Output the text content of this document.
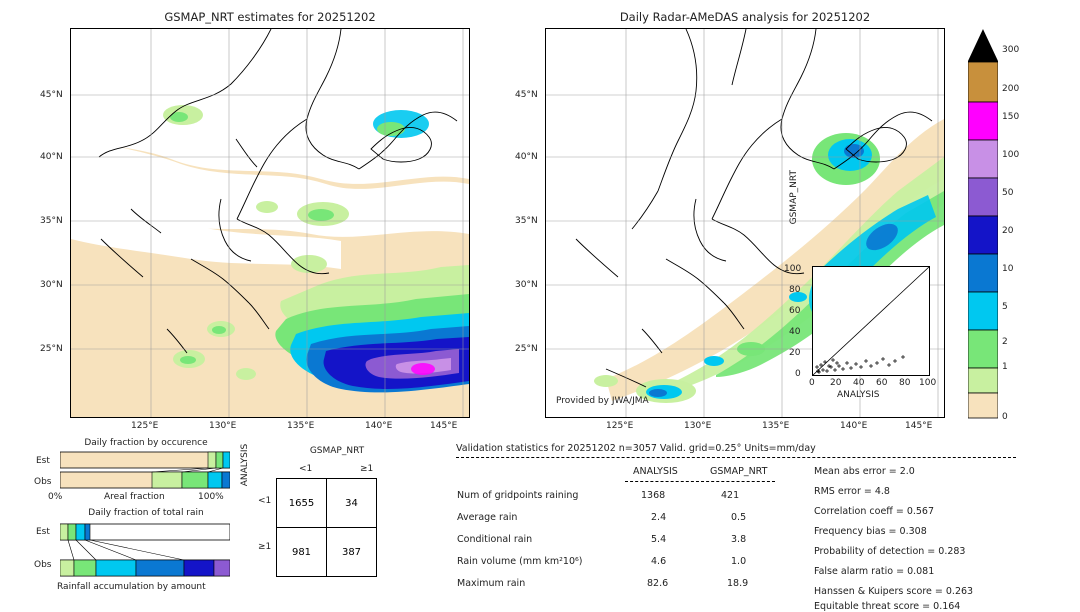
GSMAP_NRT estimates for 20251202
45°N
40°N
35°N
30°N
25°N
125°E	130°E	135°E	140°E	145°E
Daily Radar-AMeDAS analysis for 20251202
45°N
40°N
35°N
30°N
25°N
125°E	130°E	135°E	140°E	145°E
Provided by JWA/JMA
GSMAP_NRT
ANALYSIS
0
20
40
60
80
100
0 20 40 60 80 100
300
200
150
100
50
20
10
5
2
1
0
Daily fraction by occurence
Est
Obs
Areal fraction
0%	100%
Daily fraction of total rain
Est
Obs
Rainfall accumulation by amount
GSMAP_NRT
<1	≥1
ANALYSIS
<1
≥1
1655	34
981	387
Validation statistics for 20251202 n=3057 Valid. grid=0.25° Units=mm/day
ANALYSIS	GSMAP_NRT
Num of gridpoints raining	1368	421
Average rain	2.4	0.5
Conditional rain	5.4	3.8
Rain volume (mm km²10⁶)	4.6	1.0
Maximum rain	82.6	18.9
Mean abs error = 2.0
RMS error = 4.8
Correlation coeff = 0.567
Frequency bias = 0.308
Probability of detection = 0.283
False alarm ratio = 0.081
Hanssen & Kuipers score = 0.263
Equitable threat score = 0.164
